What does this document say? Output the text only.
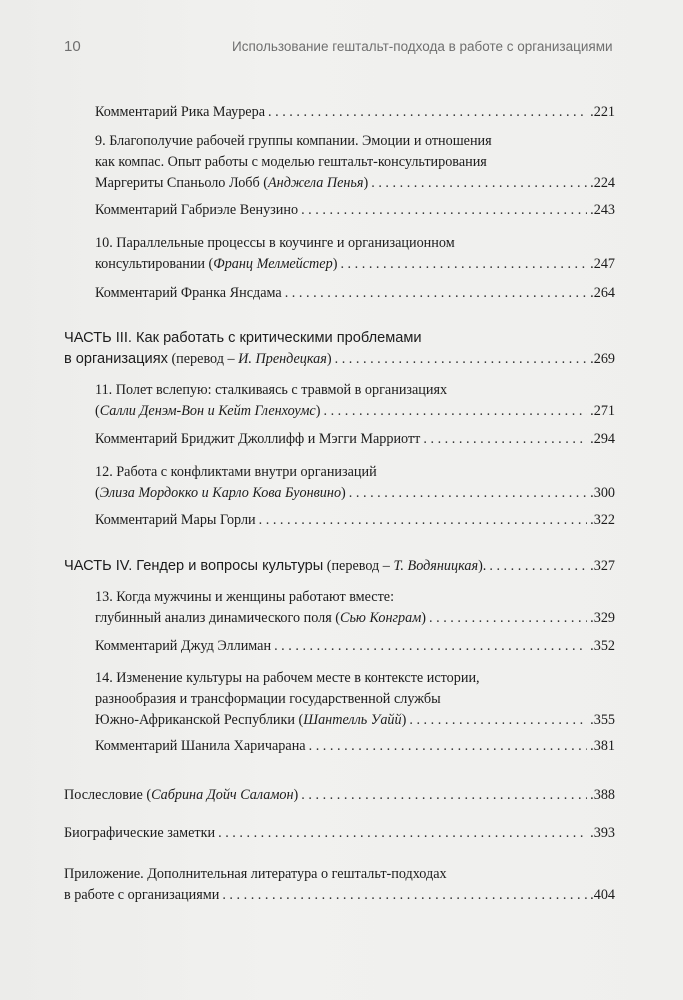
10	Использование гештальт-подхода в работе с организациями
Комментарий Рика Маурера . . .	.221
9. Благополучие рабочей группы компании. Эмоции и отношения
как компас. Опыт работы с моделью гештальт-консультирования
Маргериты Спаньоло Лобб (Анджела Пенья) . . .	.224
Комментарий Габриэле Венузино . . .	.243
10. Параллельные процессы в коучинге и организационном
консультировании (Франц Мелмейстер) . . .	.247
Комментарий Франка Янсдама . . .	.264
ЧАСТЬ III. Как работать с критическими проблемами
в организациях (перевод – И. Прендецкая) . . .	.269
11. Полет вслепую: сталкиваясь с травмой в организациях
(Салли Денэм-Вон и Кейт Гленхоумс) . . .	.271
Комментарий Бриджит Джоллифф и Мэгги Марриотт . . .	.294
12. Работа с конфликтами внутри организаций
(Элиза Мордокко и Карло Кова Буонвино) . . .	.300
Комментарий Мары Горли . . .	.322
ЧАСТЬ IV. Гендер и вопросы культуры (перевод – Т. Водяницкая). . . .	.327
13. Когда мужчины и женщины работают вместе:
глубинный анализ динамического поля (Сью Конграм) . . .	.329
Комментарий Джуд Эллиман . . .	.352
14. Изменение культуры на рабочем месте в контексте истории,
разнообразия и трансформации государственной службы
Южно-Африканской Республики (Шантелль Уайй) . . .	.355
Комментарий Шанила Харичарана . . .	.381
Послесловие (Сабрина Дойч Саламон) . . .	.388
Биографические заметки . . .	.393
Приложение. Дополнительная литература о гештальт-подходах
в работе с организациями . . .	.404
